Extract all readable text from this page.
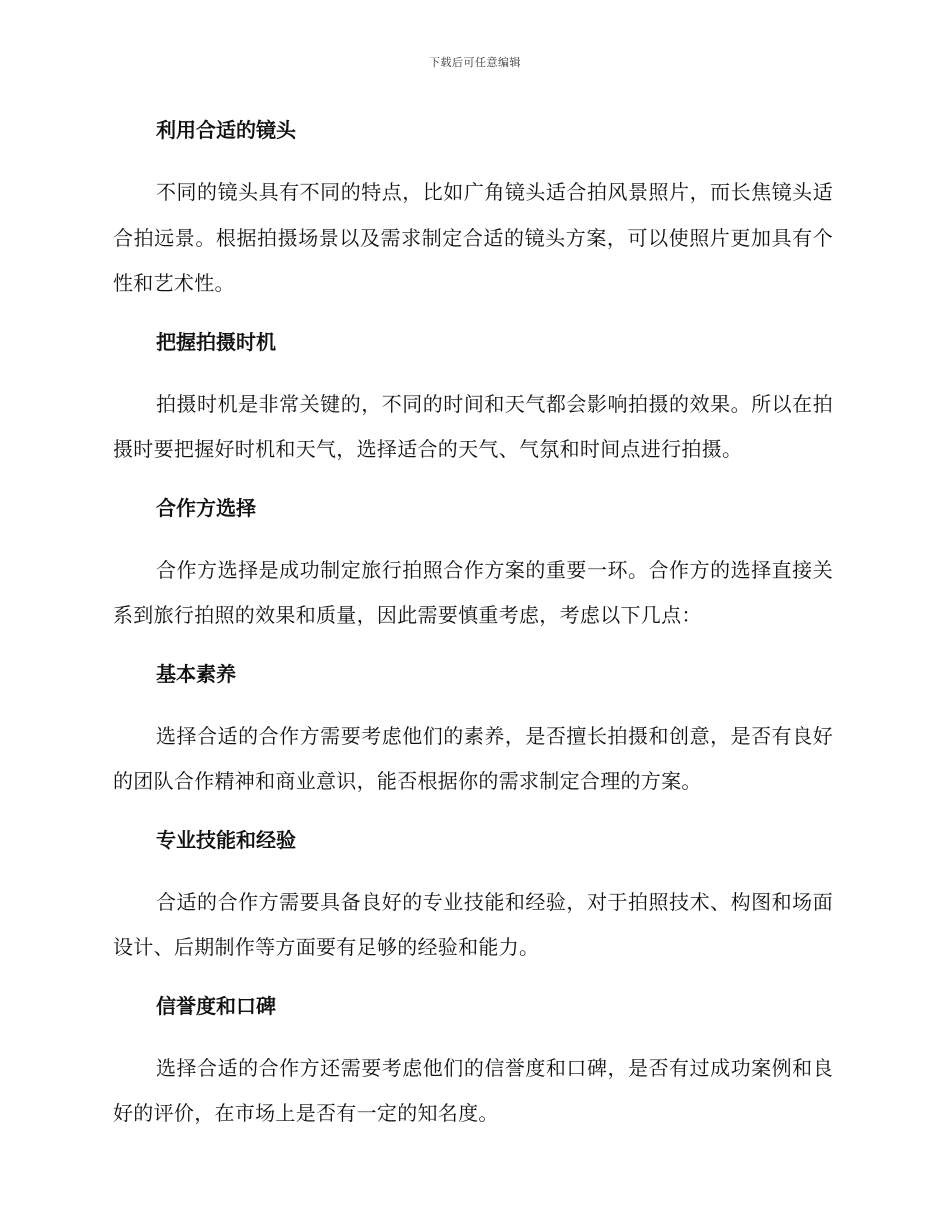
下载后可任意编辑
利用合适的镜头

不同的镜头具有不同的特点，比如广角镜头适合拍风景照片，而长焦镜头适合拍远景。根据拍摄场景以及需求制定合适的镜头方案，可以使照片更加具有个性和艺术性。

把握拍摄时机

拍摄时机是非常关键的，不同的时间和天气都会影响拍摄的效果。所以在拍摄时要把握好时机和天气，选择适合的天气、气氛和时间点进行拍摄。

合作方选择

合作方选择是成功制定旅行拍照合作方案的重要一环。合作方的选择直接关系到旅行拍照的效果和质量，因此需要慎重考虑，考虑以下几点：

基本素养

选择合适的合作方需要考虑他们的素养，是否擅长拍摄和创意，是否有良好的团队合作精神和商业意识，能否根据你的需求制定合理的方案。

专业技能和经验

合适的合作方需要具备良好的专业技能和经验，对于拍照技术、构图和场面设计、后期制作等方面要有足够的经验和能力。

信誉度和口碑

选择合适的合作方还需要考虑他们的信誉度和口碑，是否有过成功案例和良好的评价，在市场上是否有一定的知名度。
